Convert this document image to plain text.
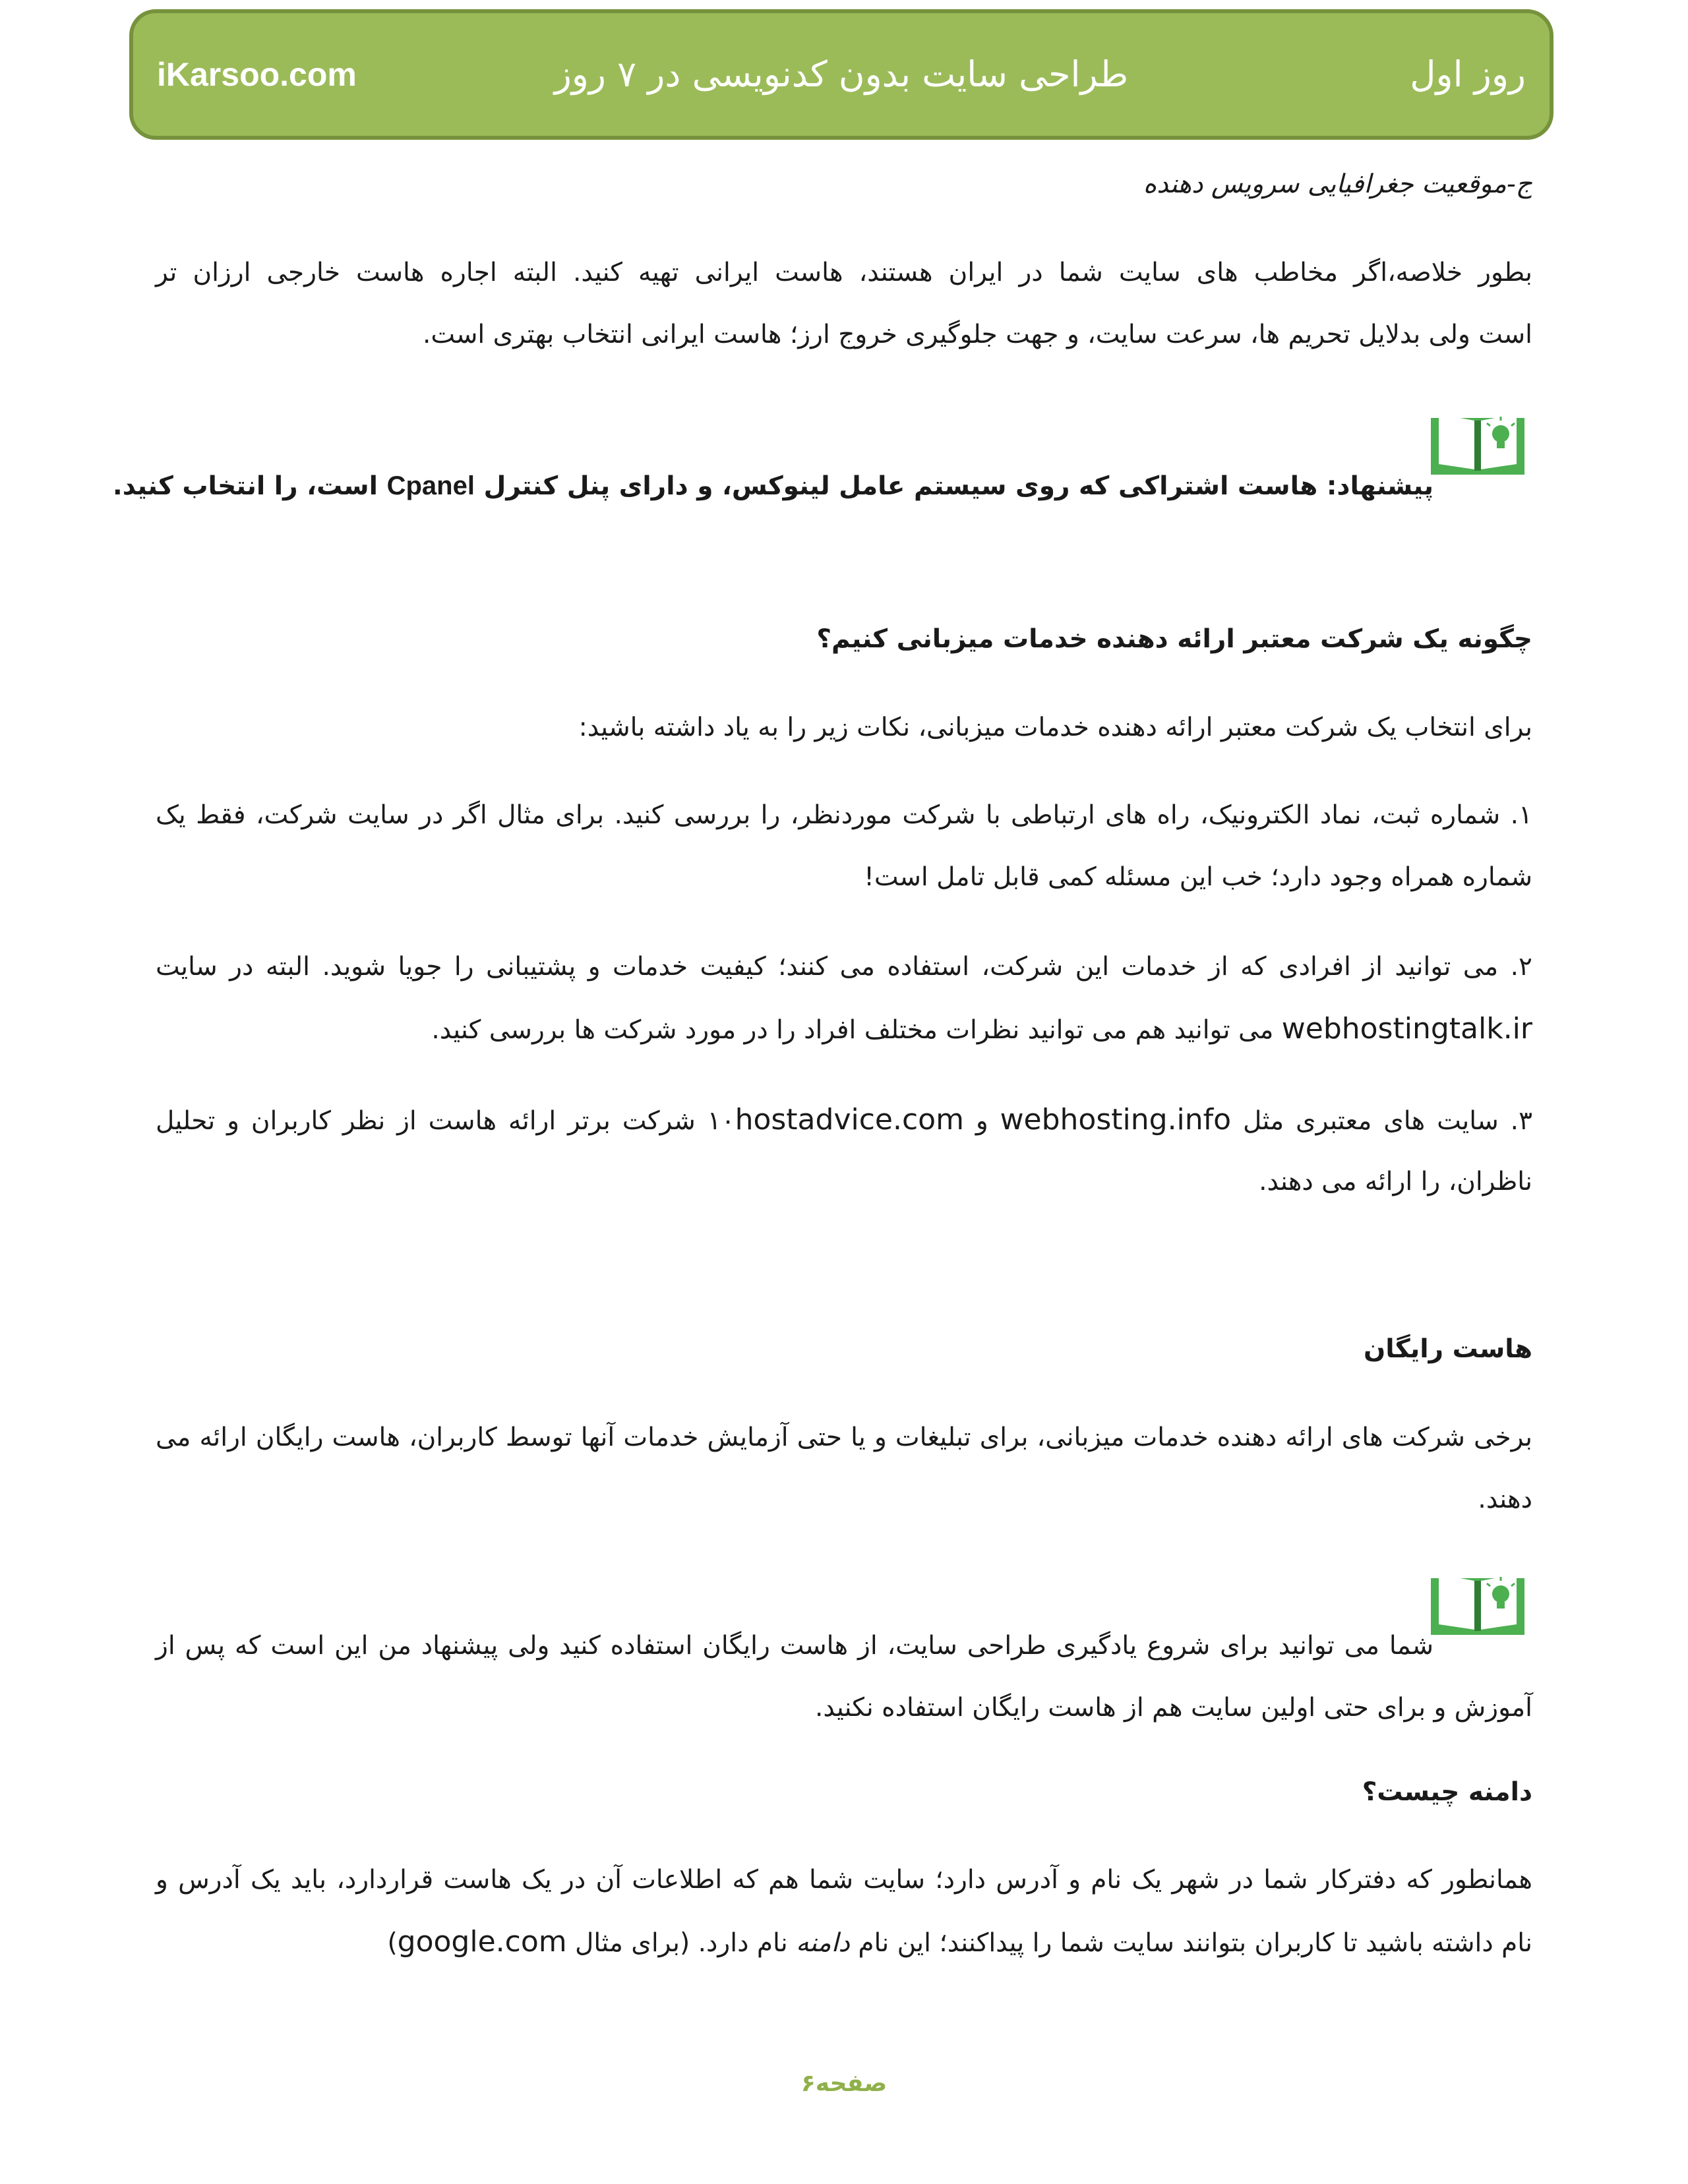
iKarsoo.com	طراحی سایت بدون کدنویسی در ۷ روز	روز اول

ج-موقعیت جغرافیایی سرویس دهنده

بطور خلاصه،اگر مخاطب های سایت شما در ایران هستند، هاست ایرانی تهیه کنید. البته اجاره هاست خارجی ارزان تر
است ولی بدلایل تحریم ها، سرعت سایت، و جهت جلوگیری خروج ارز؛ هاست ایرانی انتخاب بهتری است.

پیشنهاد: هاست اشتراکی که روی سیستم عامل لینوکس، و دارای پنل کنترل Cpanel است، را انتخاب کنید.

چگونه یک شرکت معتبر ارائه دهنده خدمات میزبانی کنیم؟

برای انتخاب یک شرکت معتبر ارائه دهنده خدمات میزبانی، نکات زیر را به یاد داشته باشید:

۱. شماره ثبت، نماد الکترونیک، راه های ارتباطی با شرکت موردنظر، را بررسی کنید. برای مثال اگر در سایت شرکت، فقط یک
شماره همراه وجود دارد؛ خب این مسئله کمی قابل تامل است!

۲. می توانید از افرادی که از خدمات این شرکت، استفاده می کنند؛ کیفیت خدمات و پشتیبانی را جویا شوید. البته در سایت
webhostingtalk.ir می توانید هم می توانید نظرات مختلف افراد را در مورد شرکت ها بررسی کنید.

۳. سایت های معتبری مثل webhosting.info و ۱۰hostadvice.com شرکت برتر ارائه هاست از نظر کاربران و تحلیل
ناظران، را ارائه می دهند.

هاست رایگان

برخی شرکت های ارائه دهنده خدمات میزبانی، برای تبلیغات و یا حتی آزمایش خدمات آنها توسط کاربران، هاست رایگان ارائه می
دهند.

شما می توانید برای شروع یادگیری طراحی سایت، از هاست رایگان استفاده کنید ولی پیشنهاد من این است که پس از
آموزش و برای حتی اولین سایت هم از هاست رایگان استفاده نکنید.

دامنه چیست؟

همانطور که دفترکار شما در شهر یک نام و آدرس دارد؛ سایت شما هم که اطلاعات آن در یک هاست قراردارد، باید یک آدرس و
نام داشته باشید تا کاربران بتوانند سایت شما را پیداکنند؛ این نام دامنه نام دارد. (برای مثال google.com)

صفحه۶
